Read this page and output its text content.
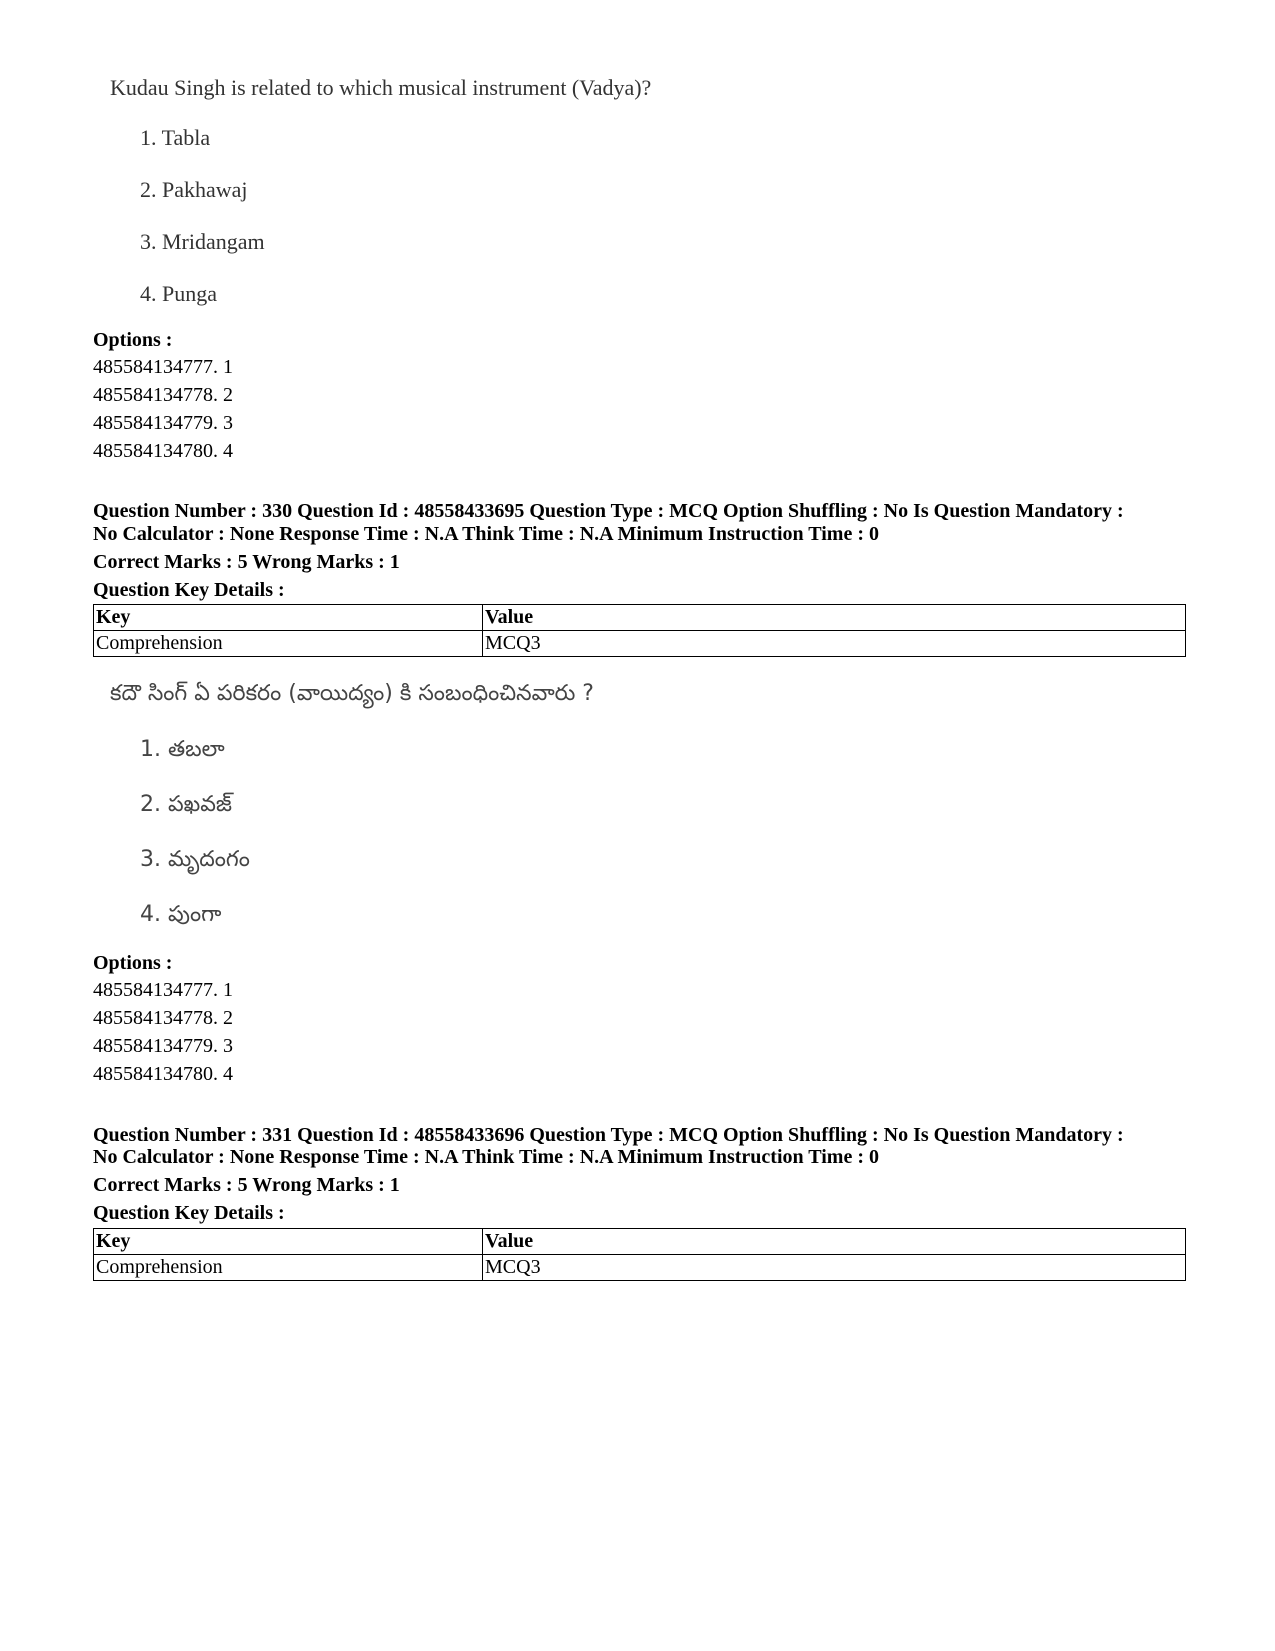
Kudau Singh is related to which musical instrument (Vadya)?

1. Tabla
2. Pakhawaj
3. Mridangam
4. Punga
Options :
485584134777. 1
485584134778. 2
485584134779. 3
485584134780. 4
Question Number : 330 Question Id : 48558433695 Question Type : MCQ Option Shuffling : No Is Question Mandatory :
No Calculator : None Response Time : N.A Think Time : N.A Minimum Instruction Time : 0
Correct Marks : 5 Wrong Marks : 1
Question Key Details :
Key	Value
Comprehension	MCQ3

కదౌ సింగ్ ఏ పరికరం (వాయిద్యం) కి సంబంధించినవారు ?

1. తబలా
2. పఖవజ్
3. మృదంగం
4. పుంగా
Options :
485584134777. 1
485584134778. 2
485584134779. 3
485584134780. 4
Question Number : 331 Question Id : 48558433696 Question Type : MCQ Option Shuffling : No Is Question Mandatory :
No Calculator : None Response Time : N.A Think Time : N.A Minimum Instruction Time : 0
Correct Marks : 5 Wrong Marks : 1
Question Key Details :
Key	Value
Comprehension	MCQ3
